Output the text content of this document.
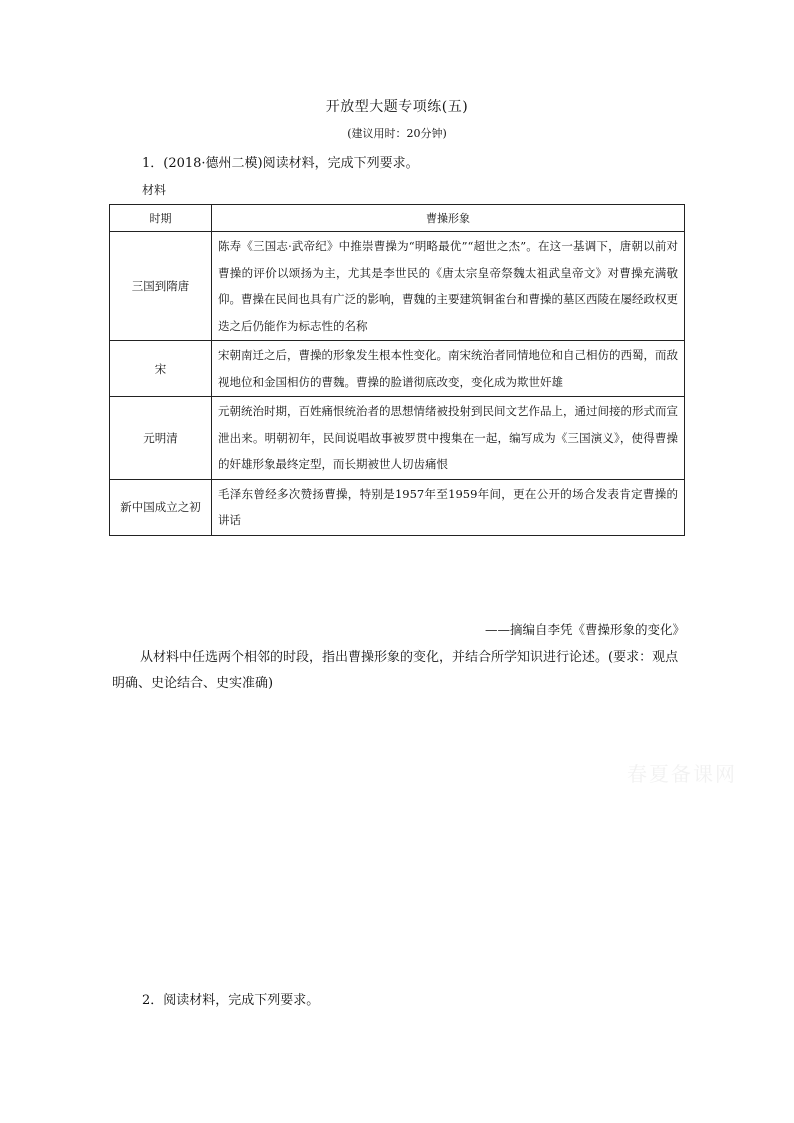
开放型大题专项练(五)
(建议用时：20分钟)
1．(2018·德州二模)阅读材料，完成下列要求。
材料
时期	曹操形象
三国到隋唐	陈寿《三国志·武帝纪》中推崇曹操为“明略最优”“超世之杰”。在这一基调下，唐朝以前对曹操的评价以颂扬为主，尤其是李世民的《唐太宗皇帝祭魏太祖武皇帝文》对曹操充满敬仰。曹操在民间也具有广泛的影响，曹魏的主要建筑铜雀台和曹操的墓区西陵在屡经政权更迭之后仍能作为标志性的名称
宋	宋朝南迁之后，曹操的形象发生根本性变化。南宋统治者同情地位和自己相仿的西蜀，而敌视地位和金国相仿的曹魏。曹操的脸谱彻底改变，变化成为欺世奸雄
元明清	元朝统治时期，百姓痛恨统治者的思想情绪被投射到民间文艺作品上，通过间接的形式而宣泄出来。明朝初年，民间说唱故事被罗贯中搜集在一起，编写成为《三国演义》，使得曹操的奸雄形象最终定型，而长期被世人切齿痛恨
新中国成立之初	毛泽东曾经多次赞扬曹操，特别是1957年至1959年间，更在公开的场合发表肯定曹操的讲话
——摘编自李凭《曹操形象的变化》
从材料中任选两个相邻的时段，指出曹操形象的变化，并结合所学知识进行论述。(要求：观点明确、史论结合、史实准确)
春夏备课网
2．阅读材料，完成下列要求。
